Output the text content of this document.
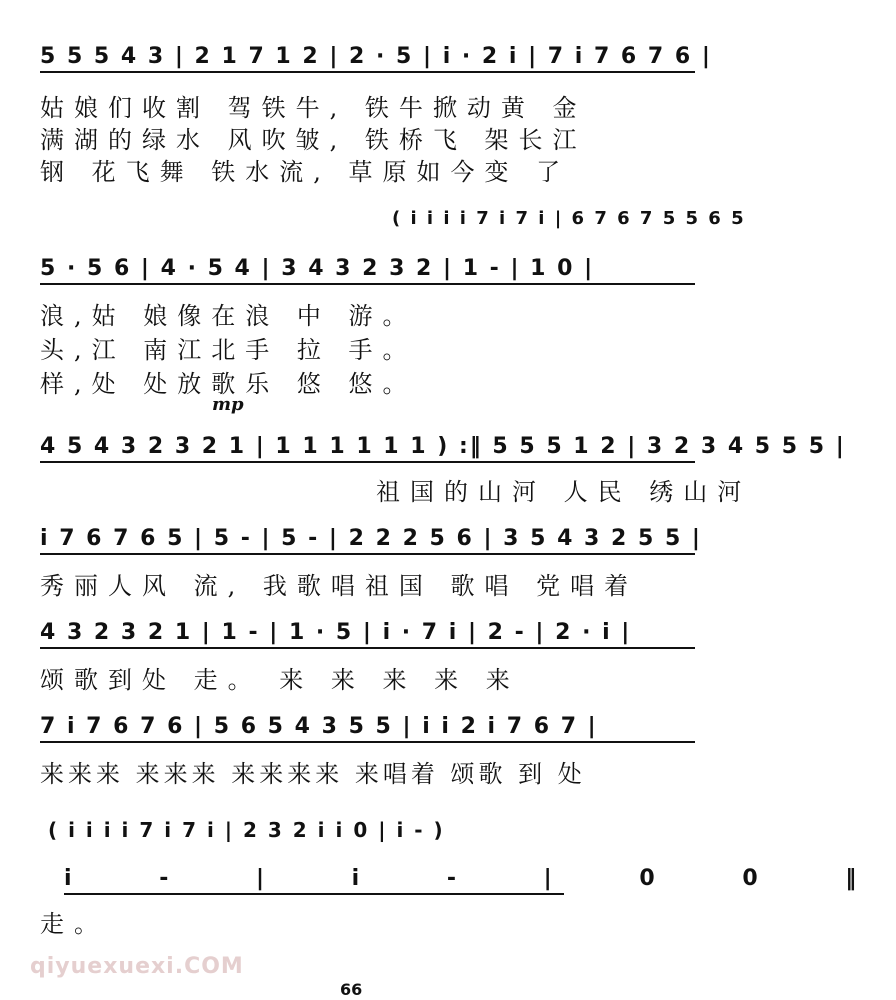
5 5 5 4 3 | 2 1 7 1 2 | 2 · 5 | i · 2 i | 7 i 7 6 7 6 |
姑娘们收割 驾铁牛, 铁牛掀动黄 金
满湖的绿水 风吹皱, 铁桥飞 架长江
钢 花飞舞 铁水流, 草原如今变 了
( i i i i 7 i 7 i | 6 7 6 7 5 5 6 5
5 · 5 6 | 4 · 5 4 | 3 4 3 2 3 2 | 1 - | 1 0 |
浪,姑 娘像在浪 中 游。
头,江 南江北手 拉 手。
样,处 处放歌乐 悠 悠。
mp
4 5 4 3 2 3 2 1 | 1 1 1 1 1 1 ) :‖ 5 5 5 1 2 | 3 2 3 4 5 5 5 |
祖国的山河 人民 绣山河
i 7 6 7 6 5 | 5 - | 5 - | 2 2 2 5 6 | 3 5 4 3 2 5 5 |
秀丽人风 流, 我歌唱祖国 歌唱 党唱着
4 3 2 3 2 1 | 1 - | 1 · 5 | i · 7 i | 2 - | 2 · i |
颂歌到处 走。 来 来 来 来 来
7 i 7 6 7 6 | 5 6 5 4 3 5 5 | i i 2 i 7 6 7 |
来来来 来来来 来来来来 来唱着 颂歌 到 处
( i i i i 7 i 7 i | 2 3 2 i i 0 | i - )
i - | i - | 0 0 ‖
走。
qiyuexuexi.COM
66
